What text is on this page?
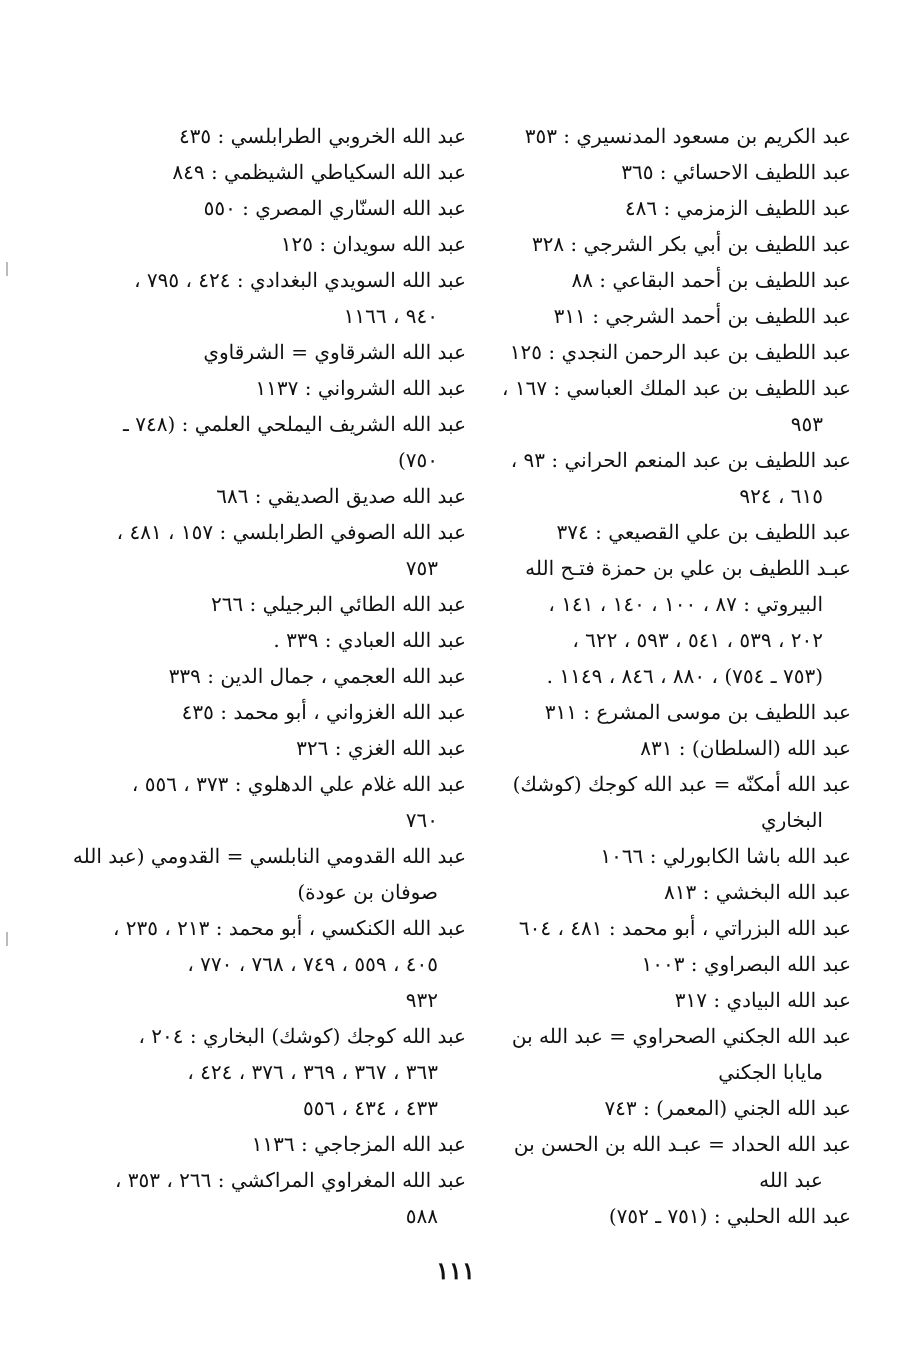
عبد الكريم بن مسعود المدنسيري : ٣٥٣
عبد اللطيف الاحسائي : ٣٦٥
عبد اللطيف الزمزمي : ٤٨٦
عبد اللطيف بن أبي بكر الشرجي : ٣٢٨
عبد اللطيف بن أحمد البقاعي : ٨٨
عبد اللطيف بن أحمد الشرجي : ٣١١
عبد اللطيف بن عبد الرحمن النجدي : ١٢٥
عبد اللطيف بن عبد الملك العباسي : ١٦٧ ،
٩٥٣
عبد اللطيف بن عبد المنعم الحراني : ٩٣ ،
٦١٥ ، ٩٢٤
عبد اللطيف بن علي القصيعي : ٣٧٤
عبـد اللطيف بن علي بن حمزة فتـح الله
البيروتي : ٨٧ ، ١٠٠ ، ١٤٠ ، ١٤١ ،
٢٠٢ ، ٥٣٩ ، ٥٤١ ، ٥٩٣ ، ٦٢٢ ،
(٧٥٣ ـ ٧٥٤) ، ٨٨٠ ، ٨٤٦ ، ١١٤٩ .
عبد اللطيف بن موسى المشرع : ٣١١
عبد الله (السلطان) : ٨٣١
عبد الله أمكنّه = عبد الله كوجك (كوشك)
البخاري
عبد الله باشا الكابورلي : ١٠٦٦
عبد الله البخشي : ٨١٣
عبد الله البزراتي ، أبو محمد : ٤٨١ ، ٦٠٤
عبد الله البصراوي : ١٠٠٣
عبد الله البيادي : ٣١٧
عبد الله الجكني الصحراوي = عبد الله بن
مايابا الجكني
عبد الله الجني (المعمر) : ٧٤٣
عبد الله الحداد = عبـد الله بن الحسن بن
عبد الله
عبد الله الحلبي : (٧٥١ ـ ٧٥٢)
عبد الله الخروبي الطرابلسي : ٤٣٥
عبد الله السكياطي الشيظمي : ٨٤٩
عبد الله السنّاري المصري : ٥٥٠
عبد الله سويدان : ١٢٥
عبد الله السويدي البغدادي : ٤٢٤ ، ٧٩٥ ،
٩٤٠ ، ١١٦٦
عبد الله الشرقاوي = الشرقاوي
عبد الله الشرواني : ١١٣٧
عبد الله الشريف اليملحي العلمي : (٧٤٨ ـ
٧٥٠)
عبد الله صديق الصديقي : ٦٨٦
عبد الله الصوفي الطرابلسي : ١٥٧ ، ٤٨١ ،
٧٥٣
عبد الله الطائي البرجيلي : ٢٦٦
عبد الله العبادي : ٣٣٩ .
عبد الله العجمي ، جمال الدين : ٣٣٩
عبد الله الغزواني ، أبو محمد : ٤٣٥
عبد الله الغزي : ٣٢٦
عبد الله غلام علي الدهلوي : ٣٧٣ ، ٥٥٦ ،
٧٦٠
عبد الله القدومي النابلسي = القدومي (عبد الله
صوفان بن عودة)
عبد الله الكنكسي ، أبو محمد : ٢١٣ ، ٢٣٥ ،
٤٠٥ ، ٥٥٩ ، ٧٤٩ ، ٧٦٨ ، ٧٧٠ ،
٩٣٢
عبد الله كوجك (كوشك) البخاري : ٢٠٤ ،
٣٦٣ ، ٣٦٧ ، ٣٦٩ ، ٣٧٦ ، ٤٢٤ ،
٤٣٣ ، ٤٣٤ ، ٥٥٦
عبد الله المزجاجي : ١١٣٦
عبد الله المغراوي المراكشي : ٢٦٦ ، ٣٥٣ ،
٥٨٨
١١١
